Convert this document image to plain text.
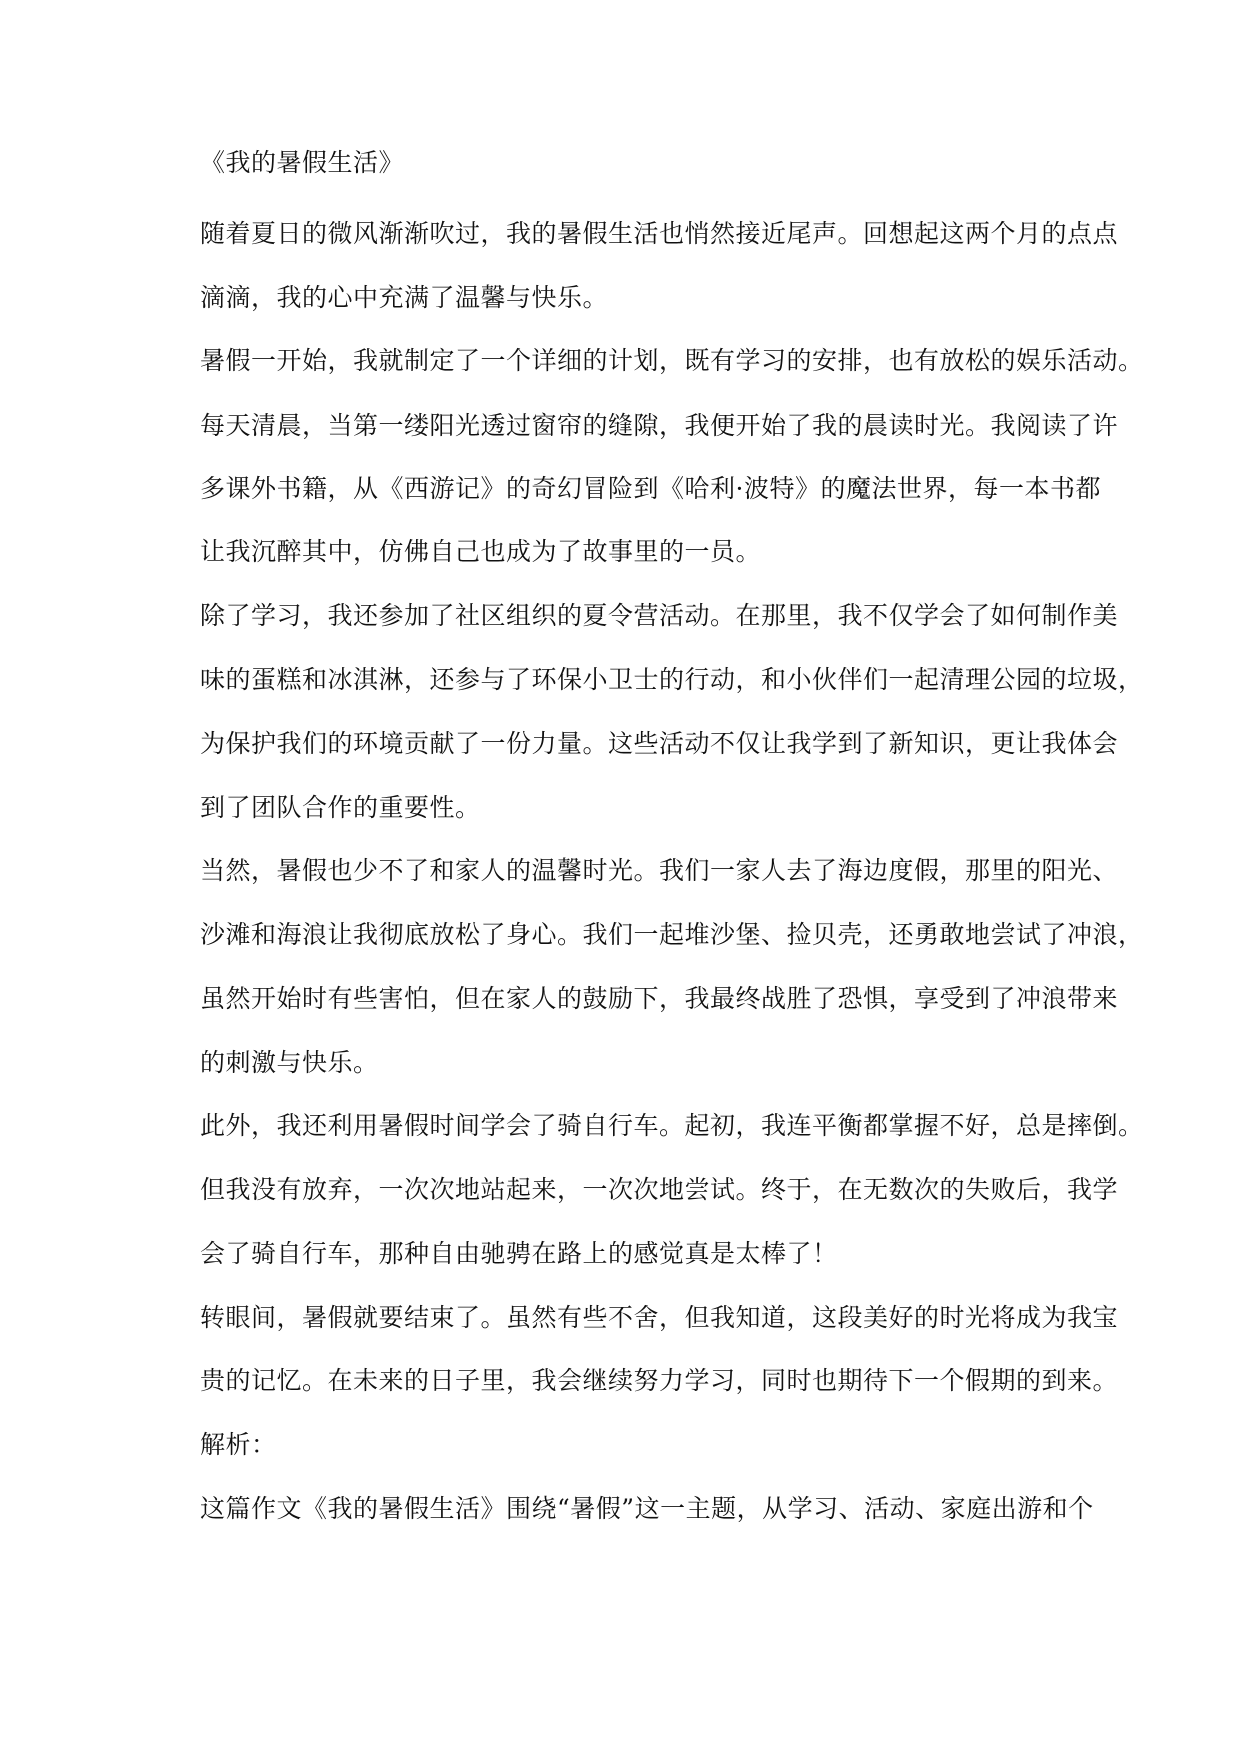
《我的暑假生活》

随着夏日的微风渐渐吹过，我的暑假生活也悄然接近尾声。回想起这两个月的点点

滴滴，我的心中充满了温馨与快乐。

暑假一开始，我就制定了一个详细的计划，既有学习的安排，也有放松的娱乐活动。

每天清晨，当第一缕阳光透过窗帘的缝隙，我便开始了我的晨读时光。我阅读了许

多课外书籍，从《西游记》的奇幻冒险到《哈利·波特》的魔法世界，每一本书都

让我沉醉其中，仿佛自己也成为了故事里的一员。

除了学习，我还参加了社区组织的夏令营活动。在那里，我不仅学会了如何制作美

味的蛋糕和冰淇淋，还参与了环保小卫士的行动，和小伙伴们一起清理公园的垃圾，

为保护我们的环境贡献了一份力量。这些活动不仅让我学到了新知识，更让我体会

到了团队合作的重要性。

当然，暑假也少不了和家人的温馨时光。我们一家人去了海边度假，那里的阳光、

沙滩和海浪让我彻底放松了身心。我们一起堆沙堡、捡贝壳，还勇敢地尝试了冲浪，

虽然开始时有些害怕，但在家人的鼓励下，我最终战胜了恐惧，享受到了冲浪带来

的刺激与快乐。

此外，我还利用暑假时间学会了骑自行车。起初，我连平衡都掌握不好，总是摔倒。

但我没有放弃，一次次地站起来，一次次地尝试。终于，在无数次的失败后，我学

会了骑自行车，那种自由驰骋在路上的感觉真是太棒了！

转眼间，暑假就要结束了。虽然有些不舍，但我知道，这段美好的时光将成为我宝

贵的记忆。在未来的日子里，我会继续努力学习，同时也期待下一个假期的到来。

解析：

这篇作文《我的暑假生活》围绕“暑假”这一主题，从学习、活动、家庭出游和个
